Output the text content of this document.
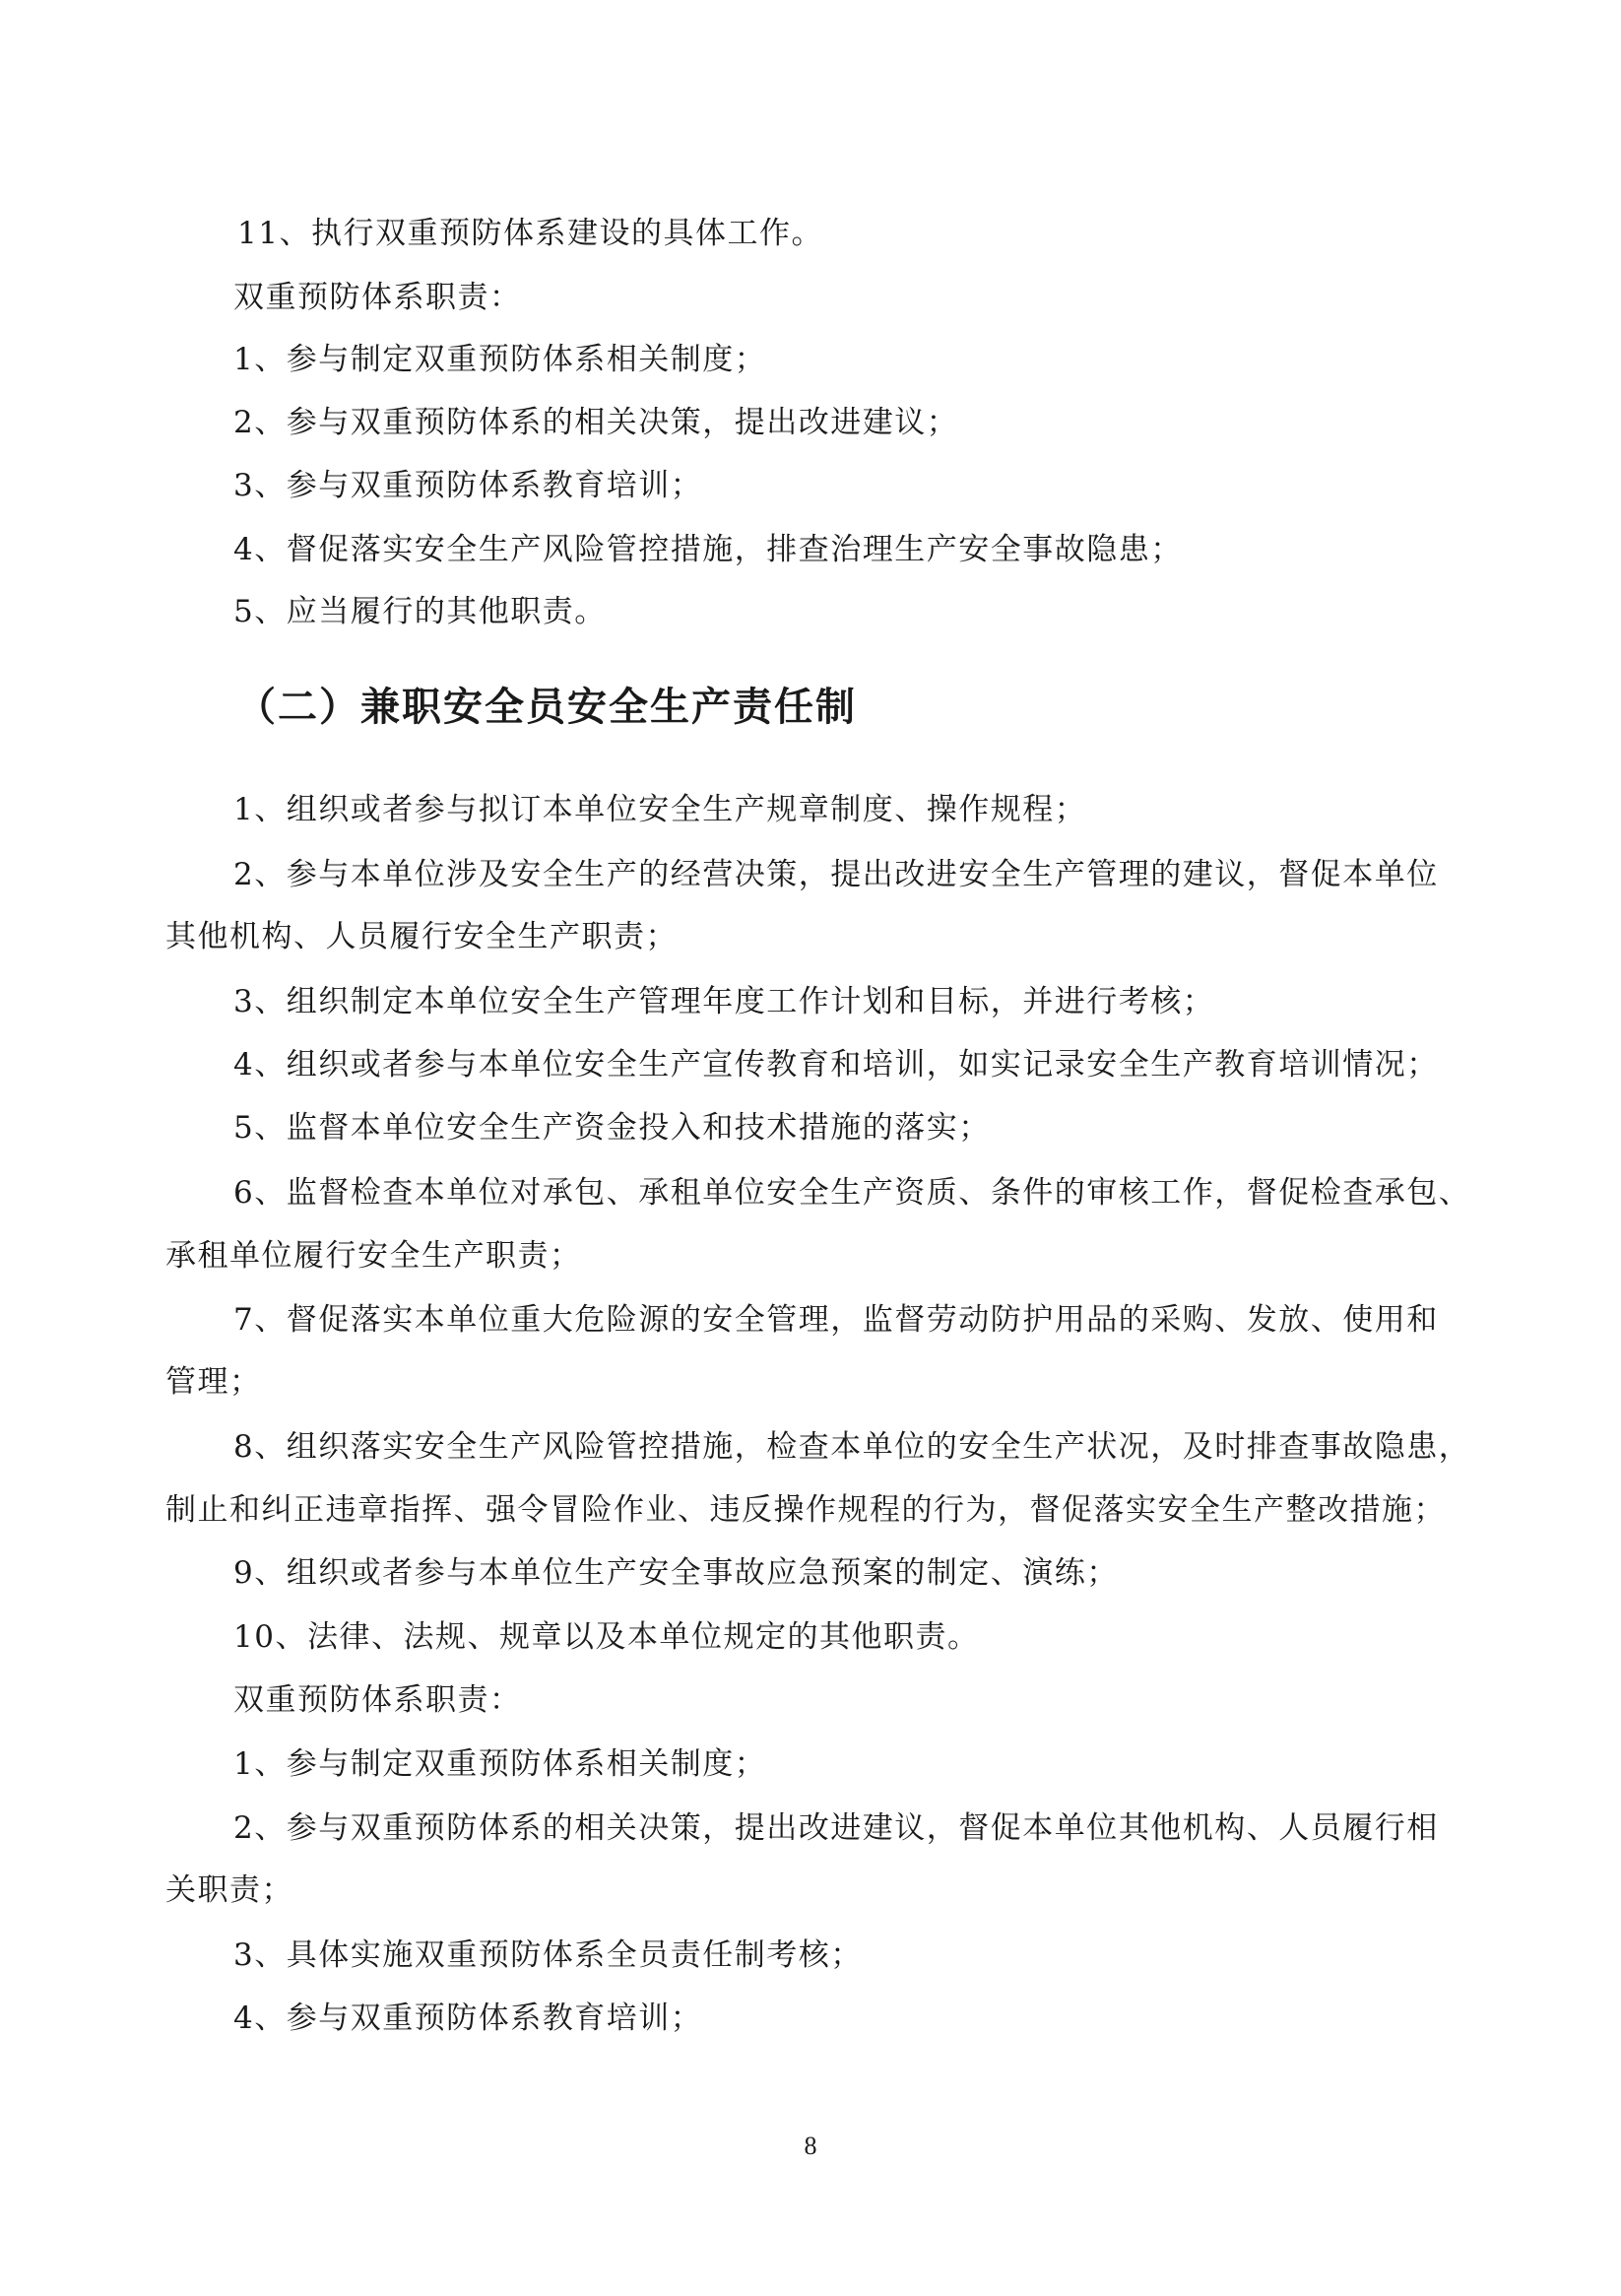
11、执行双重预防体系建设的具体工作。
双重预防体系职责：
1、参与制定双重预防体系相关制度；
2、参与双重预防体系的相关决策，提出改进建议；
3、参与双重预防体系教育培训；
4、督促落实安全生产风险管控措施，排查治理生产安全事故隐患；
5、应当履行的其他职责。
（二）兼职安全员安全生产责任制
1、组织或者参与拟订本单位安全生产规章制度、操作规程；
2、参与本单位涉及安全生产的经营决策，提出改进安全生产管理的建议，督促本单位
其他机构、人员履行安全生产职责；
3、组织制定本单位安全生产管理年度工作计划和目标，并进行考核；
4、组织或者参与本单位安全生产宣传教育和培训，如实记录安全生产教育培训情况；
5、监督本单位安全生产资金投入和技术措施的落实；
6、监督检查本单位对承包、承租单位安全生产资质、条件的审核工作，督促检查承包、
承租单位履行安全生产职责；
7、督促落实本单位重大危险源的安全管理，监督劳动防护用品的采购、发放、使用和
管理；
8、组织落实安全生产风险管控措施，检查本单位的安全生产状况，及时排查事故隐患，
制止和纠正违章指挥、强令冒险作业、违反操作规程的行为，督促落实安全生产整改措施；
9、组织或者参与本单位生产安全事故应急预案的制定、演练；
10、法律、法规、规章以及本单位规定的其他职责。
双重预防体系职责：
1、参与制定双重预防体系相关制度；
2、参与双重预防体系的相关决策，提出改进建议，督促本单位其他机构、人员履行相
关职责；
3、具体实施双重预防体系全员责任制考核；
4、参与双重预防体系教育培训；
8
